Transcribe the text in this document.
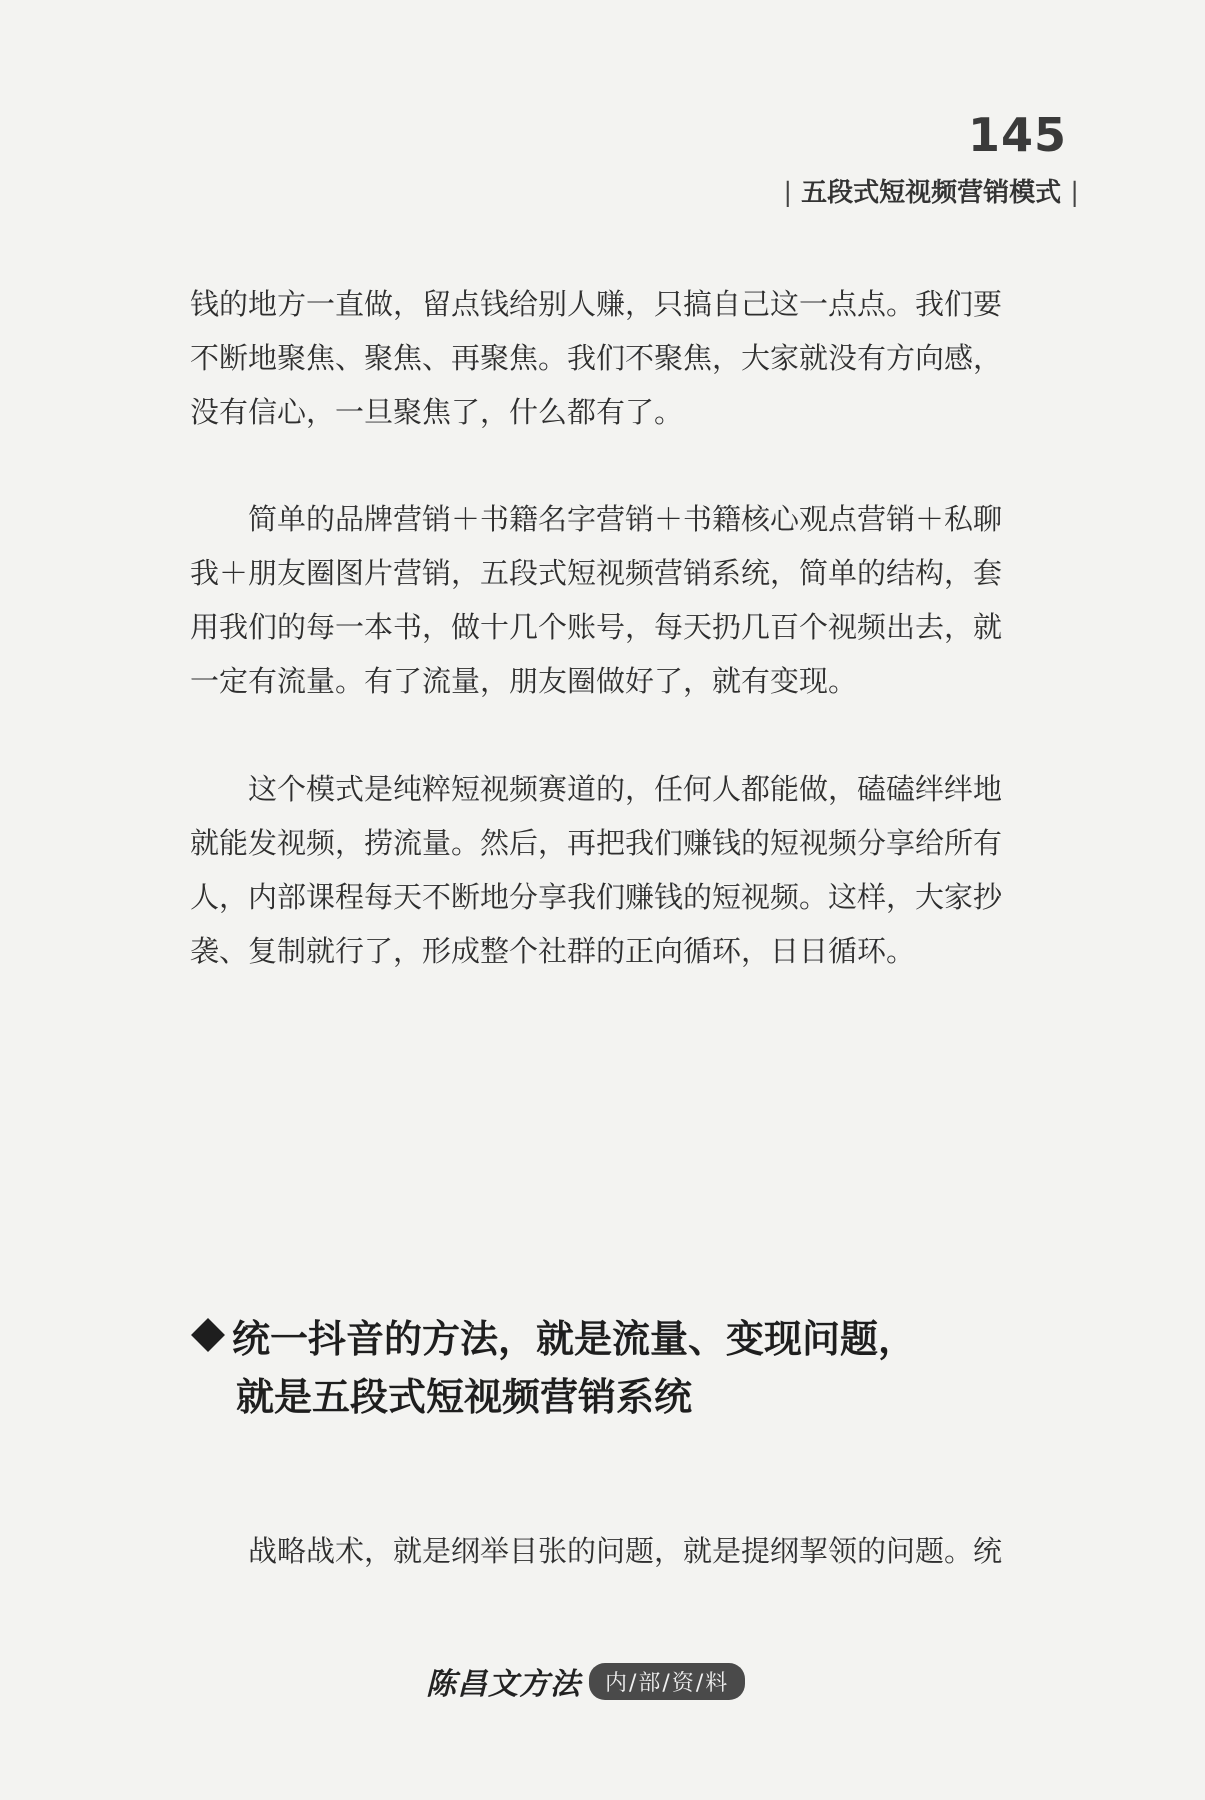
145
| 五段式短视频营销模式 |

钱的地方一直做，留点钱给别人赚，只搞自己这一点点。我们要不断地聚焦、聚焦、再聚焦。我们不聚焦，大家就没有方向感，没有信心，一旦聚焦了，什么都有了。

简单的品牌营销＋书籍名字营销＋书籍核心观点营销＋私聊我＋朋友圈图片营销，五段式短视频营销系统，简单的结构，套用我们的每一本书，做十几个账号，每天扔几百个视频出去，就一定有流量。有了流量，朋友圈做好了，就有变现。

这个模式是纯粹短视频赛道的，任何人都能做，磕磕绊绊地就能发视频，捞流量。然后，再把我们赚钱的短视频分享给所有人，内部课程每天不断地分享我们赚钱的短视频。这样，大家抄袭、复制就行了，形成整个社群的正向循环，日日循环。

统一抖音的方法，就是流量、变现问题，
就是五段式短视频营销系统

战略战术，就是纲举目张的问题，就是提纲挈领的问题。统

陈昌文方法	内/部/资/料
